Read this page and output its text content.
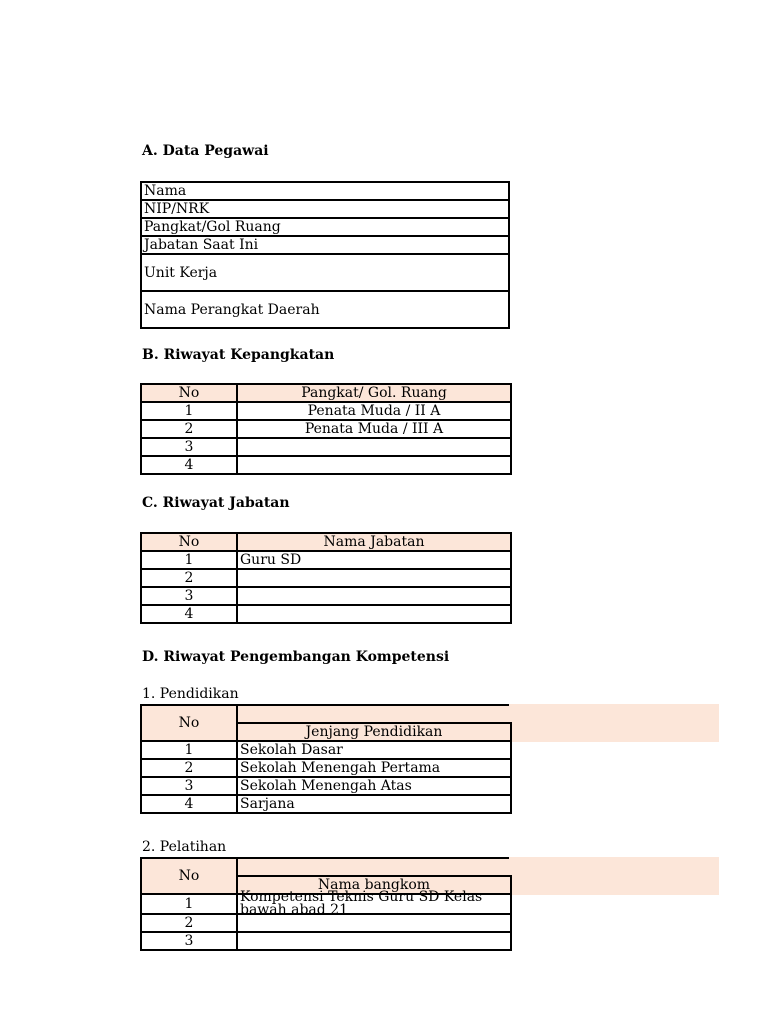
A. Data Pegawai
Nama
NIP/NRK
Pangkat/Gol Ruang
Jabatan Saat Ini
Unit Kerja
Nama Perangkat Daerah
B. Riwayat Kepangkatan
No	Pangkat/ Gol. Ruang
1	Penata Muda / II A
2	Penata Muda / III A
3	
4	
C. Riwayat Jabatan
No	Nama Jabatan
1	Guru SD
2	
3	
4	
D. Riwayat Pengembangan Kompetensi
1. Pendidikan
No	
	Jenjang Pendidikan
1	Sekolah Dasar
2	Sekolah Menengah Pertama
3	Sekolah Menengah Atas
4	Sarjana
2. Pelatihan
No	
	Nama bangkom
1	Kompetensi Teknis Guru SD Kelas bawah abad 21

2	
3	
